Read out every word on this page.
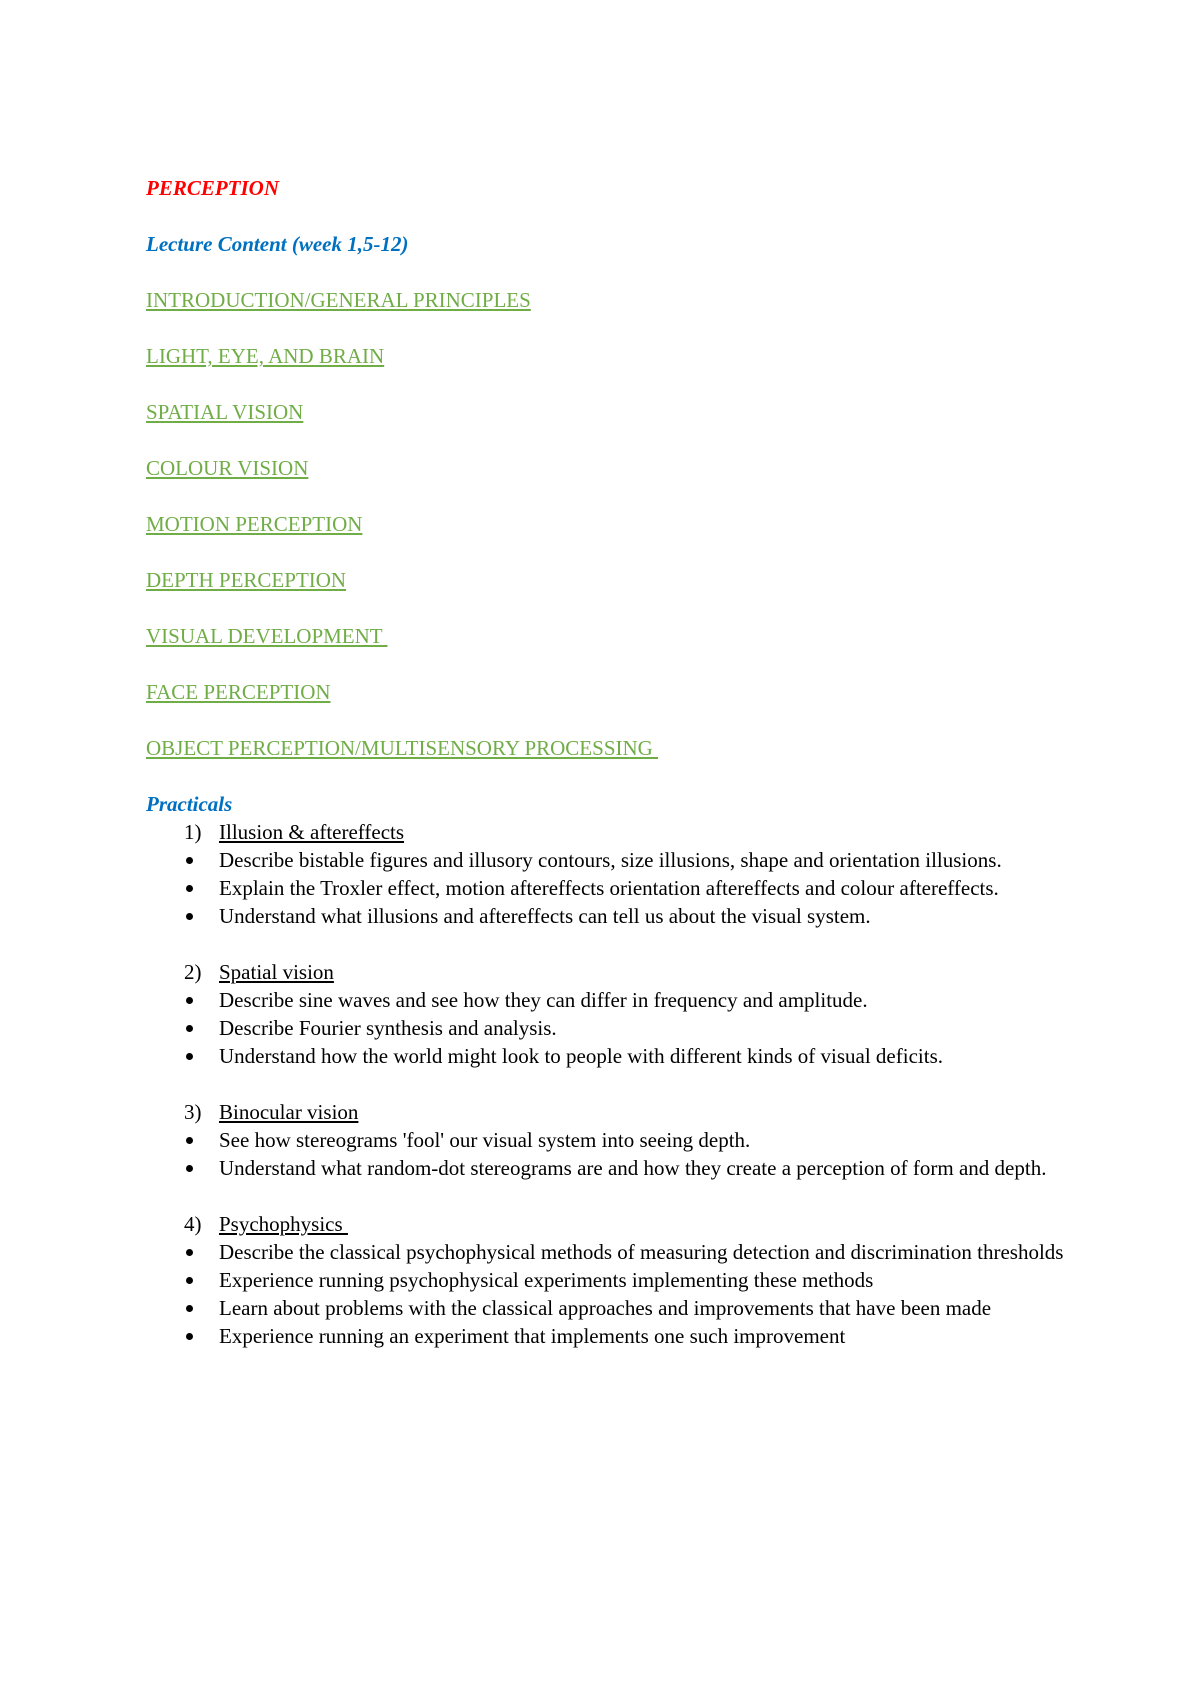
PERCEPTION

Lecture Content (week 1,5-12)

INTRODUCTION/GENERAL PRINCIPLES
LIGHT, EYE, AND BRAIN
SPATIAL VISION
COLOUR VISION
MOTION PERCEPTION
DEPTH PERCEPTION
VISUAL DEVELOPMENT
FACE PERCEPTION
OBJECT PERCEPTION/MULTISENSORY PROCESSING

Practicals

1) Illusion & aftereffects

Describe bistable figures and illusory contours, size illusions, shape and orientation illusions.
Explain the Troxler effect, motion aftereffects orientation aftereffects and colour aftereffects.
Understand what illusions and aftereffects can tell us about the visual system.

2) Spatial vision

Describe sine waves and see how they can differ in frequency and amplitude.
Describe Fourier synthesis and analysis.
Understand how the world might look to people with different kinds of visual deficits.

3) Binocular vision

See how stereograms 'fool' our visual system into seeing depth.
Understand what random-dot stereograms are and how they create a perception of form and depth.

4) Psychophysics

Describe the classical psychophysical methods of measuring detection and discrimination thresholds
Experience running psychophysical experiments implementing these methods
Learn about problems with the classical approaches and improvements that have been made
Experience running an experiment that implements one such improvement
